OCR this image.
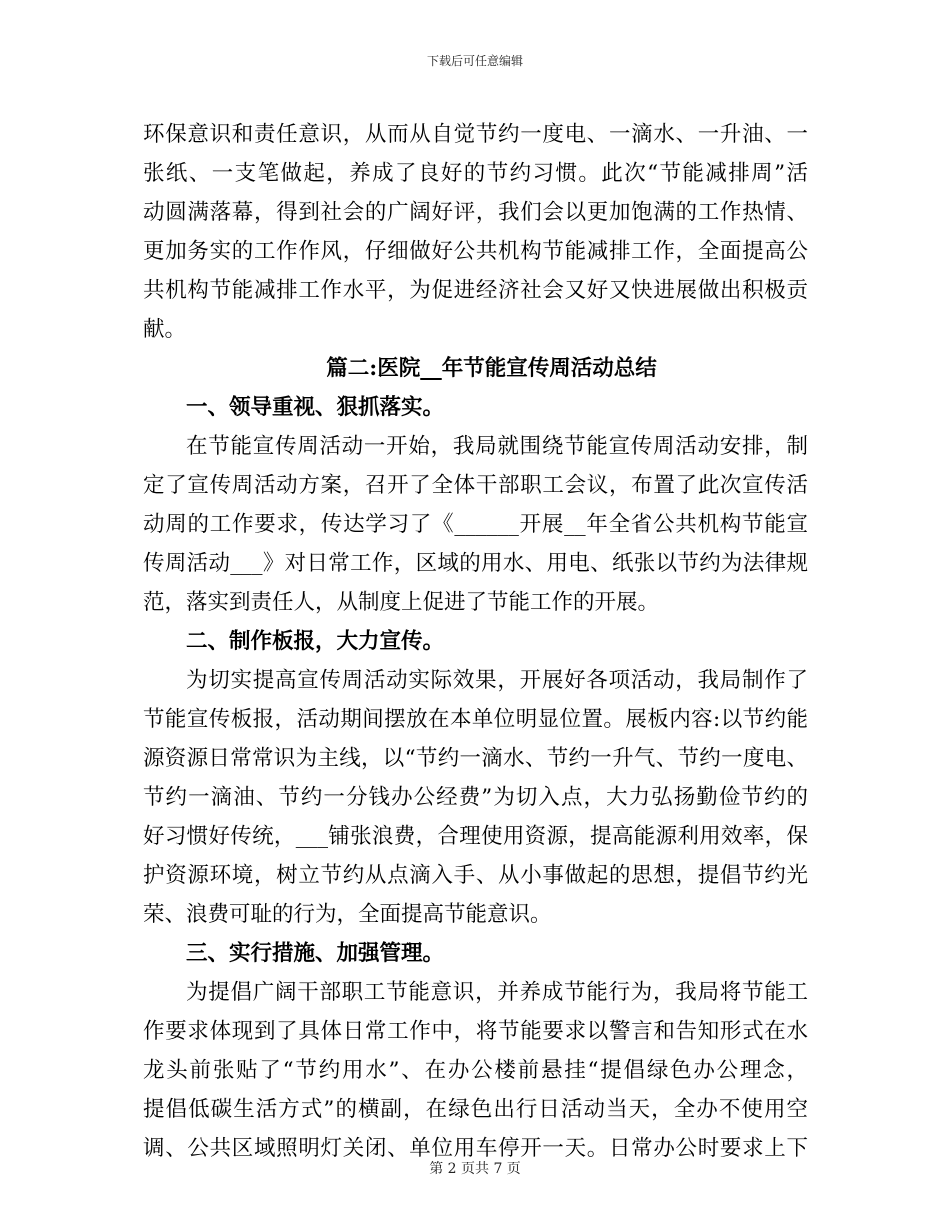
下载后可任意编辑
环保意识和责任意识，从而从自觉节约一度电、一滴水、一升油、一
张纸、一支笔做起，养成了良好的节约习惯。此次“节能减排周”活
动圆满落幕，得到社会的广阔好评，我们会以更加饱满的工作热情、
更加务实的工作作风，仔细做好公共机构节能减排工作，全面提高公
共机构节能减排工作水平，为促进经济社会又好又快进展做出积极贡
献。
篇二:医院__年节能宣传周活动总结
一、领导重视、狠抓落实。
在节能宣传周活动一开始，我局就围绕节能宣传周活动安排，制
定了宣传周活动方案，召开了全体干部职工会议，布置了此次宣传活
动周的工作要求，传达学习了《______开展__年全省公共机构节能宣
传周活动___》对日常工作，区域的用水、用电、纸张以节约为法律规
范，落实到责任人，从制度上促进了节能工作的开展。
二、制作板报，大力宣传。
为切实提高宣传周活动实际效果，开展好各项活动，我局制作了
节能宣传板报，活动期间摆放在本单位明显位置。展板内容:以节约能
源资源日常常识为主线，以“节约一滴水、节约一升气、节约一度电、
节约一滴油、节约一分钱办公经费”为切入点，大力弘扬勤俭节约的
好习惯好传统，___铺张浪费，合理使用资源，提高能源利用效率，保
护资源环境，树立节约从点滴入手、从小事做起的思想，提倡节约光
荣、浪费可耻的行为，全面提高节能意识。
三、实行措施、加强管理。
为提倡广阔干部职工节能意识，并养成节能行为，我局将节能工
作要求体现到了具体日常工作中，将节能要求以警言和告知形式在水
龙头前张贴了“节约用水”、在办公楼前悬挂“提倡绿色办公理念，
提倡低碳生活方式”的横副，在绿色出行日活动当天，全办不使用空
调、公共区域照明灯关闭、单位用车停开一天。日常办公时要求上下
第 2 页共 7 页
